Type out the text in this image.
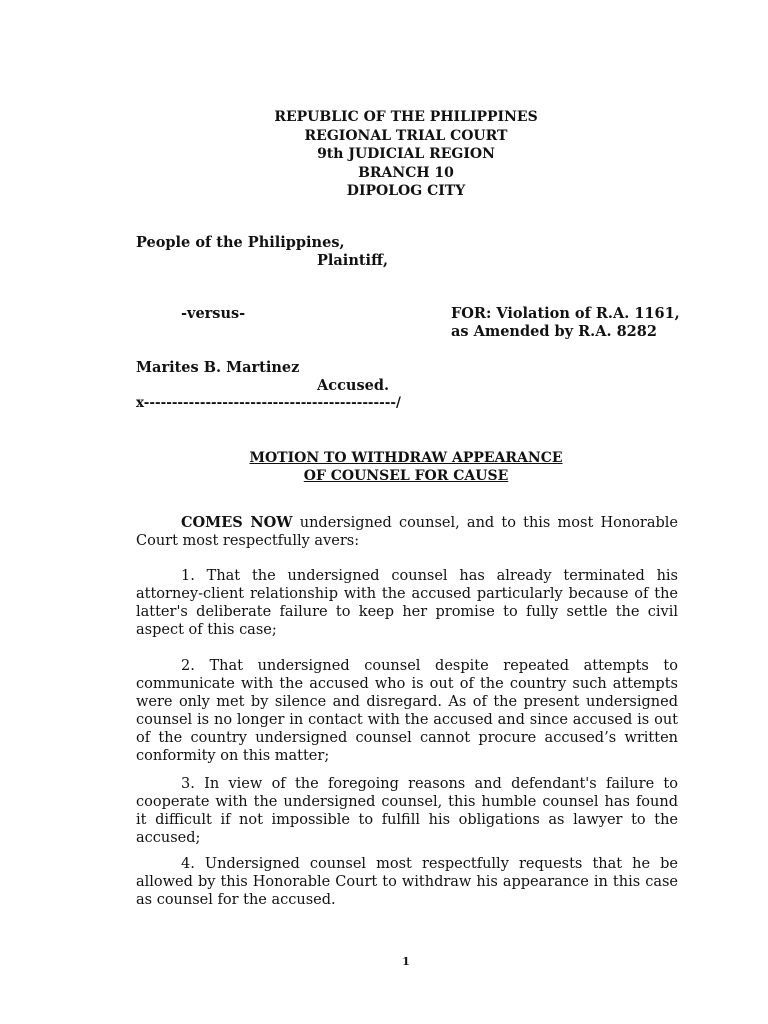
REPUBLIC OF THE PHILIPPINES
REGIONAL TRIAL COURT
9th JUDICIAL REGION
BRANCH 10
DIPOLOG CITY
People of the Philippines,
Plaintiff,
-versus-	FOR: Violation of R.A. 1161,
as Amended by R.A. 8282
Marites B. Martinez
Accused.
x---------------------------------------------/
MOTION TO WITHDRAW APPEARANCE
OF COUNSEL FOR CAUSE
COMES NOW undersigned counsel, and to this most Honorable Court most respectfully avers:
1. That the undersigned counsel has already terminated his attorney-client relationship with the accused particularly because of the latter's deliberate failure to keep her promise to fully settle the civil aspect of this case;
2. That undersigned counsel despite repeated attempts to communicate with the accused who is out of the country such attempts were only met by silence and disregard. As of the present undersigned counsel is no longer in contact with the accused and since accused is out of the country undersigned counsel cannot procure accused’s written conformity on this matter;
3. In view of the foregoing reasons and defendant's failure to cooperate with the undersigned counsel, this humble counsel has found it difficult if not impossible to fulfill his obligations as lawyer to the accused;
4. Undersigned counsel most respectfully requests that he be allowed by this Honorable Court to withdraw his appearance in this case as counsel for the accused.
1
